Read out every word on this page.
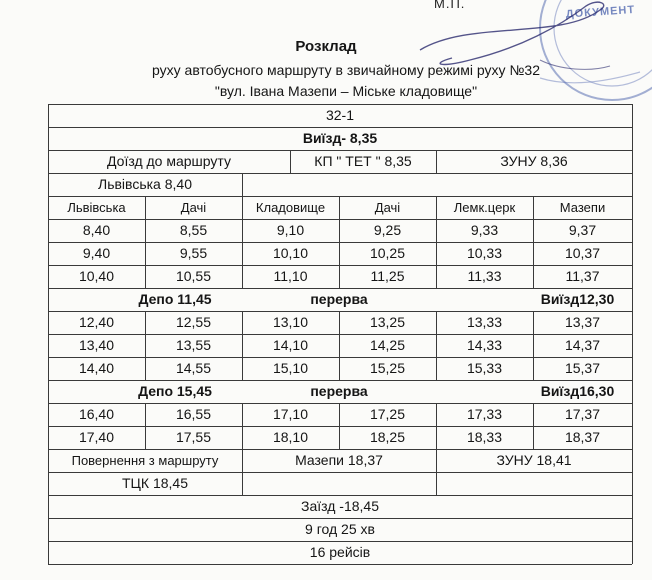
М.П.
ДОКУМЕНТ
Розклад
руху автобусного маршруту в звичайному режимі руху №32
"вул. Івана Мазепи – Міське кладовище"
32-1
Виїзд- 8,35
Доїзд до маршруту	КП " ТЕТ " 8,35	ЗУНУ 8,36
Львівська 8,40
Львівська	Дачі	Кладовище	Дачі	Лемк.церк	Мазепи
8,40	8,55	9,10	9,25	9,33	9,37
9,40	9,55	10,10	10,25	10,33	10,37
10,40	10,55	11,10	11,25	11,33	11,37
Депо 11,45	перерва	Виїзд12,30
12,40	12,55	13,10	13,25	13,33	13,37
13,40	13,55	14,10	14,25	14,33	14,37
14,40	14,55	15,10	15,25	15,33	15,37
Депо 15,45	перерва	Виїзд16,30
16,40	16,55	17,10	17,25	17,33	17,37
17,40	17,55	18,10	18,25	18,33	18,37
Повернення з маршруту	Мазепи 18,37	ЗУНУ 18,41
ТЦК 18,45
Заїзд -18,45
9 год 25 хв
16 рейсів
